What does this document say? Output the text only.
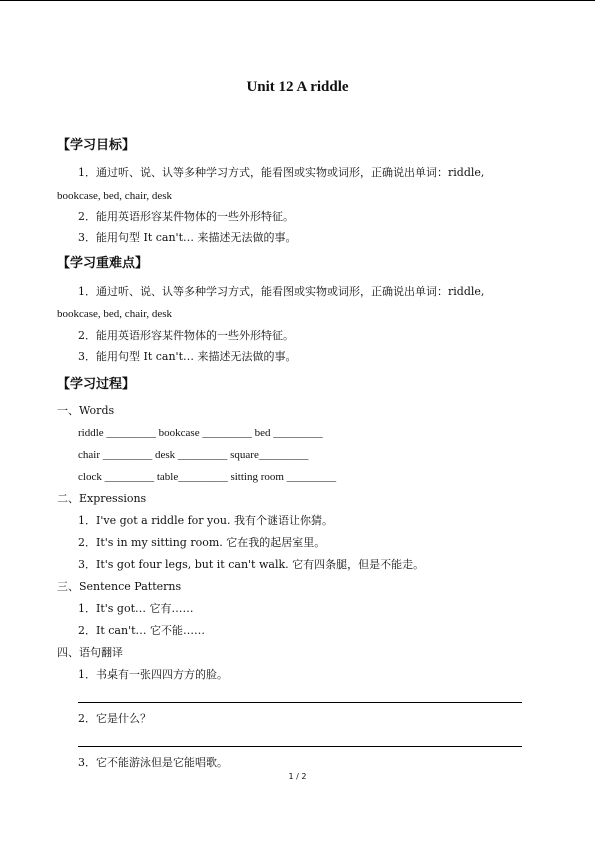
Unit 12 A riddle
【学习目标】
1．通过听、说、认等多种学习方式，能看图或实物或词形，正确说出单词：riddle,
bookcase, bed, chair, desk
2．能用英语形容某件物体的一些外形特征。
3．能用句型 It can't… 来描述无法做的事。
【学习重难点】
1．通过听、说、认等多种学习方式，能看图或实物或词形，正确说出单词：riddle,
bookcase, bed, chair, desk
2．能用英语形容某件物体的一些外形特征。
3．能用句型 It can't… 来描述无法做的事。
【学习过程】
一、Words
riddle _________ bookcase _________ bed _________
chair _________ desk _________ square_________
clock _________ table_________ sitting room _________
二、Expressions
1．I've got a riddle for you. 我有个谜语让你猜。
2．It's in my sitting room. 它在我的起居室里。
3．It's got four legs, but it can't walk. 它有四条腿，但是不能走。
三、Sentence Patterns
1．It's got… 它有……
2．It can't… 它不能……
四、语句翻译
1．书桌有一张四四方方的脸。
2．它是什么？
3．它不能游泳但是它能唱歌。
1 / 2
